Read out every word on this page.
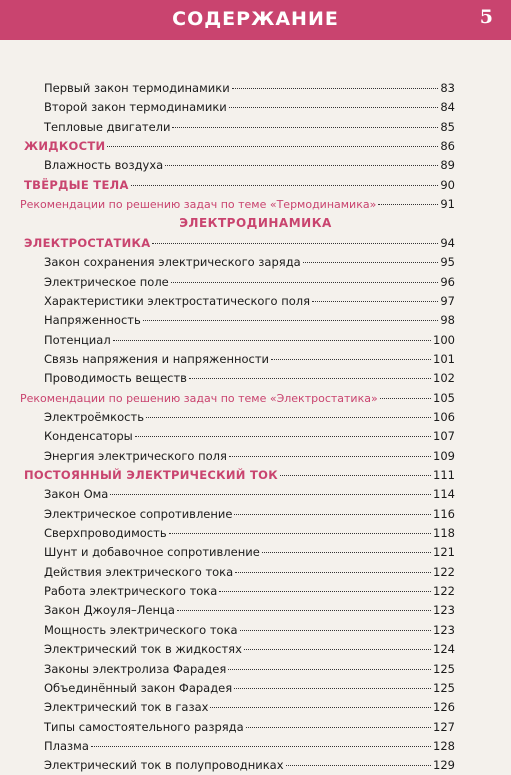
СОДЕРЖАНИЕ	5
Первый закон термодинамики	83
Второй закон термодинамики	84
Тепловые двигатели	85
ЖИДКОСТИ	86
Влажность воздуха	89
ТВЁРДЫЕ ТЕЛА	90
Рекомендации по решению задач по теме «Термодинамика»	91
ЭЛЕКТРОДИНАМИКА
ЭЛЕКТРОСТАТИКА	94
Закон сохранения электрического заряда	95
Электрическое поле	96
Характеристики электростатического поля	97
Напряженность	98
Потенциал	100
Связь напряжения и напряженности	101
Проводимость веществ	102
Рекомендации по решению задач по теме «Электростатика»	105
Электроёмкость	106
Конденсаторы	107
Энергия электрического поля	109
ПОСТОЯННЫЙ ЭЛЕКТРИЧЕСКИЙ ТОК	111
Закон Ома	114
Электрическое сопротивление	116
Сверхпроводимость	118
Шунт и добавочное сопротивление	121
Действия электрического тока	122
Работа электрического тока	122
Закон Джоуля–Ленца	123
Мощность электрического тока	123
Электрический ток в жидкостях	124
Законы электролиза Фарадея	125
Объединённый закон Фарадея	125
Электрический ток в газах	126
Типы самостоятельного разряда	127
Плазма	128
Электрический ток в полупроводниках	129
